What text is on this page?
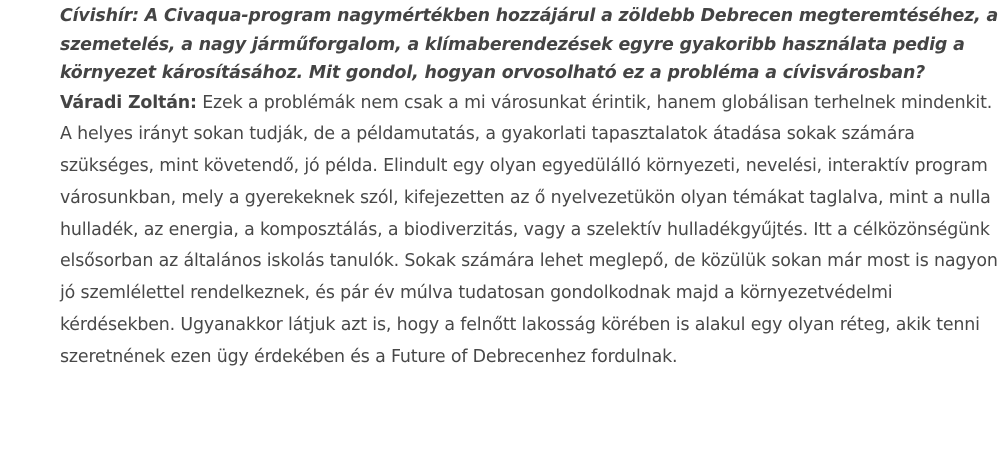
Cívishír: A Civaqua-program nagymértékben hozzájárul a zöldebb Debrecen megteremtéséhez, a szemetelés, a nagy járműforgalom, a klímaberendezések egyre gyakoribb használata pedig a környezet károsításához. Mit gondol, hogyan orvosolható ez a probléma a cívisvárosban?

Váradi Zoltán: Ezek a problémák nem csak a mi városunkat érintik, hanem globálisan terhelnek mindenkit. A helyes irányt sokan tudják, de a példamutatás, a gyakorlati tapasztalatok átadása sokak számára szükséges, mint követendő, jó példa. Elindult egy olyan egyedülálló környezeti, nevelési, interaktív program városunkban, mely a gyerekeknek szól, kifejezetten az ő nyelvezetükön olyan témákat taglalva, mint a nulla hulladék, az energia, a komposztálás, a biodiverzitás, vagy a szelektív hulladékgyűjtés. Itt a célközönségünk elsősorban az általános iskolás tanulók. Sokak számára lehet meglepő, de közülük sokan már most is nagyon jó szemlélettel rendelkeznek, és pár év múlva tudatosan gondolkodnak majd a környezetvédelmi kérdésekben. Ugyanakkor látjuk azt is, hogy a felnőtt lakosság körében is alakul egy olyan réteg, akik tenni szeretnének ezen ügy érdekében és a Future of Debrecenhez fordulnak.
